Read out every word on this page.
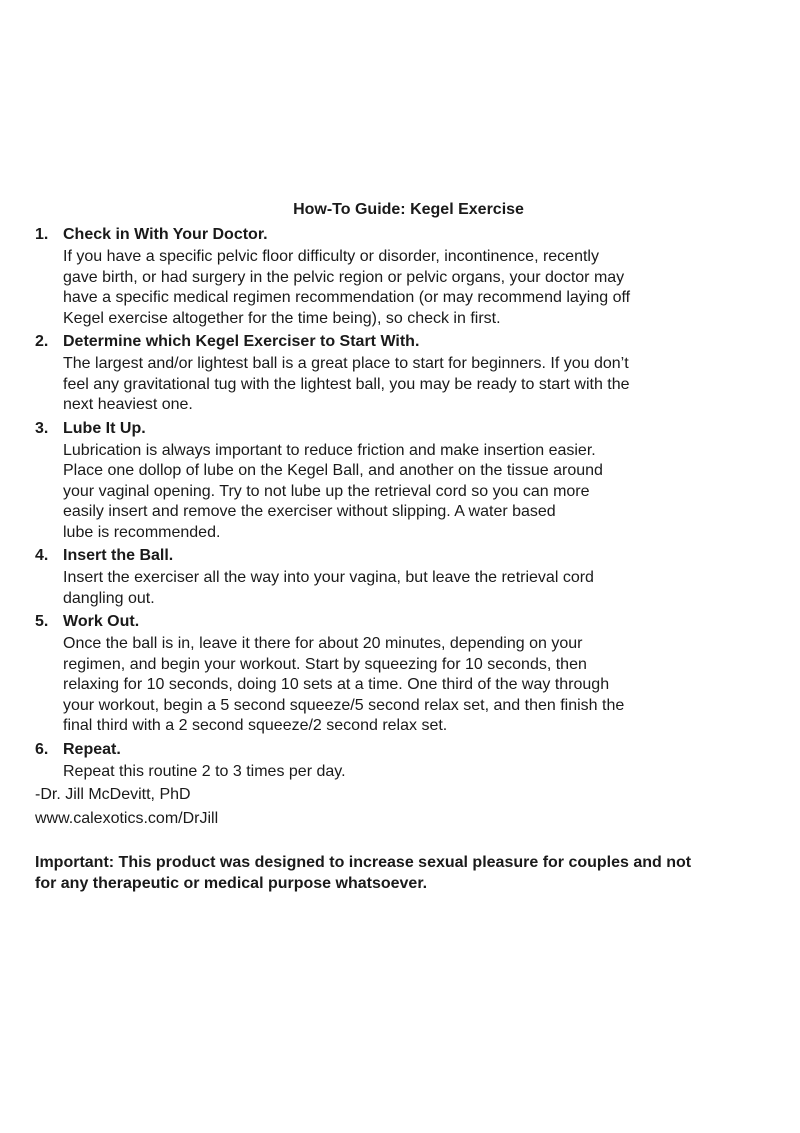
How-To Guide: Kegel Exercise
1. Check in With Your Doctor.
If you have a specific pelvic floor difficulty or disorder, incontinence, recently
gave birth, or had surgery in the pelvic region or pelvic organs, your doctor may
have a specific medical regimen recommendation (or may recommend laying off
Kegel exercise altogether for the time being), so check in first.
2. Determine which Kegel Exerciser to Start With.
The largest and/or lightest ball is a great place to start for beginners. If you don’t
feel any gravitational tug with the lightest ball, you may be ready to start with the
next heaviest one.
3. Lube It Up.
Lubrication is always important to reduce friction and make insertion easier.
Place one dollop of lube on the Kegel Ball, and another on the tissue around
your vaginal opening. Try to not lube up the retrieval cord so you can more
easily insert and remove the exerciser without slipping. A water based
lube is recommended.
4. Insert the Ball.
Insert the exerciser all the way into your vagina, but leave the retrieval cord
dangling out.
5. Work Out.
Once the ball is in, leave it there for about 20 minutes, depending on your
regimen, and begin your workout. Start by squeezing for 10 seconds, then
relaxing for 10 seconds, doing 10 sets at a time. One third of the way through
your workout, begin a 5 second squeeze/5 second relax set, and then finish the
final third with a 2 second squeeze/2 second relax set.
6. Repeat.
Repeat this routine 2 to 3 times per day.
-Dr. Jill McDevitt, PhD
www.calexotics.com/DrJill
Important: This product was designed to increase sexual pleasure for couples and not
for any therapeutic or medical purpose whatsoever.
